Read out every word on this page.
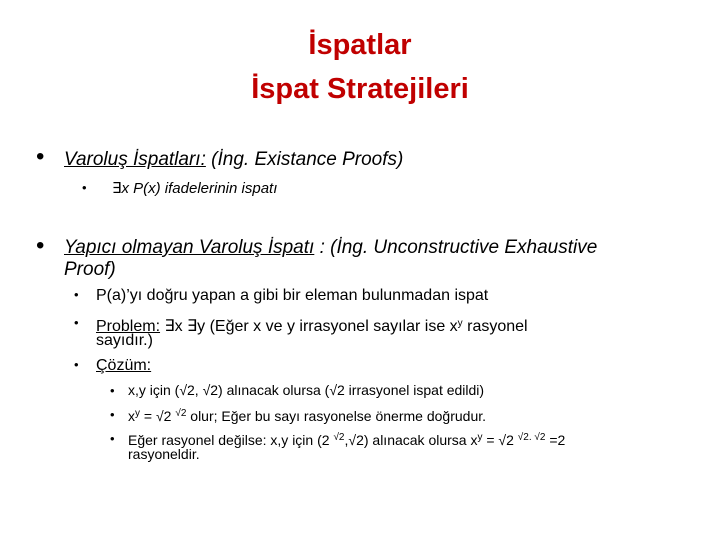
İspatlar
İspat Stratejileri
• Varoluş İspatları: (İng. Existance Proofs)
• ∃x P(x) ifadelerinin ispatı
• Yapıcı olmayan Varoluş İspatı : (İng. Unconstructive Exhaustive
Proof)
• P(a)’yı doğru yapan a gibi bir eleman bulunmadan ispat
• Problem: ∃x ∃y (Eğer x ve y irrasyonel sayılar ise $x^y$ rasyonel
sayıdır.)
• Çözüm:
• x,y için (√2, √2) alınacak olursa (√2 irrasyonel ispat edildi)
• $x^y = √2$ $^{√2}$ olur; Eğer bu sayı rasyonelse önerme doğrudur.
• Eğer rasyonel değilse: x,y için (2 $^{√2}$,√2) alınacak olursa $x^y = √2$ $^{√2. √2}$ =2
rasyoneldir.
